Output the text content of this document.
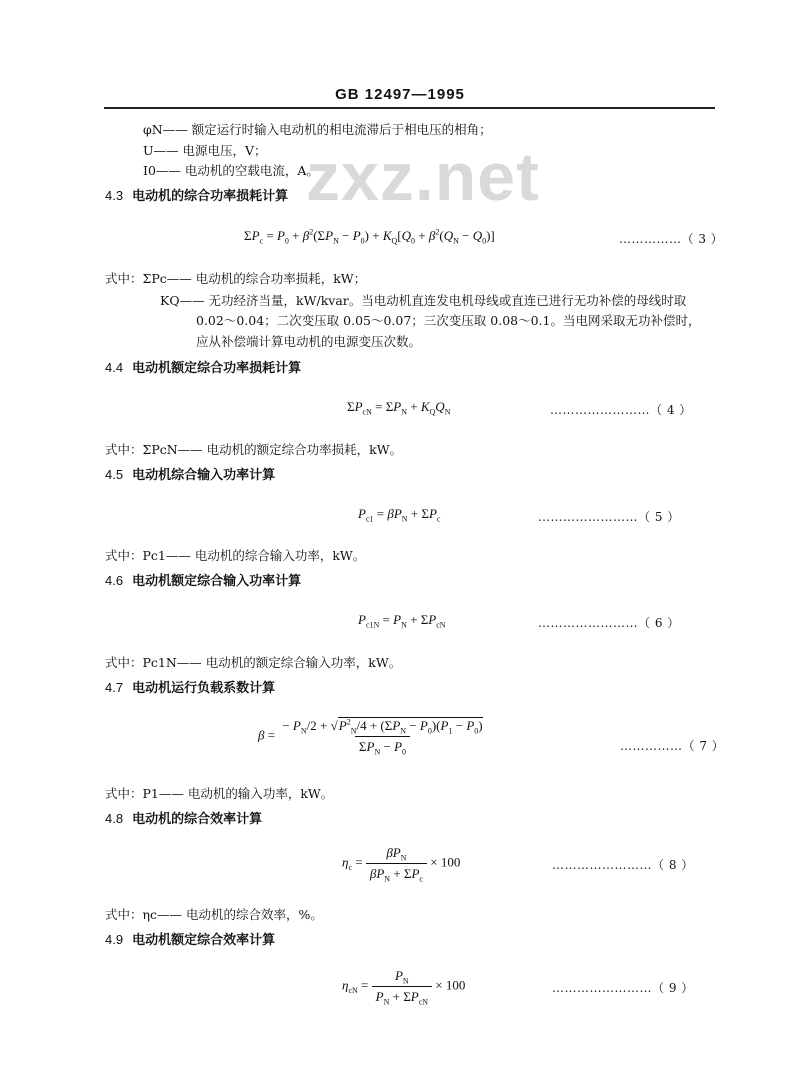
GB 12497—1995
zxz.net
φN—— 额定运行时输入电动机的相电流滞后于相电压的相角；
U—— 电源电压，V；
I0—— 电动机的空载电流，A。
4.3 电动机的综合功率损耗计算
$\Sigma P_c = P_0 + \beta^2(\Sigma P_N - P_0) + K_Q[Q_0 + \beta^2(Q_N - Q_0)]$	……………（ 3 ）
式中：ΣPc—— 电动机的综合功率损耗，kW；
KQ—— 无功经济当量，kW/kvar。当电动机直连发电机母线或直连已进行无功补偿的母线时取
0.02～0.04；二次变压取 0.05～0.07；三次变压取 0.08～0.1。当电网采取无功补偿时，
应从补偿端计算电动机的电源变压次数。
4.4 电动机额定综合功率损耗计算
$\Sigma P_{cN} = \Sigma P_N + K_QQ_N$	……………………（ 4 ）
式中：ΣPcN—— 电动机的额定综合功率损耗，kW。
4.5 电动机综合输入功率计算
$P_{c1} = \beta P_N + \Sigma P_c$	……………………（ 5 ）
式中：Pc1—— 电动机的综合输入功率，kW。
4.6 电动机额定综合输入功率计算
$P_{c1N} = P_N + \Sigma P_{cN}$	……………………（ 6 ）
式中：Pc1N—— 电动机的额定综合输入功率，kW。
4.7 电动机运行负载系数计算
$\beta = \frac{- P_N/2 + √P^2_N/4 + (\Sigma P_N - P_0)(P_1 - P_0)}{\Sigma P_N - P_0}$	……………（ 7 ）
式中：P1—— 电动机的输入功率，kW。
4.8 电动机的综合效率计算
$\eta_c = \frac{\beta P_N}{\beta P_N + \Sigma P_c} \times 100$	……………………（ 8 ）
式中：ηc—— 电动机的综合效率，%。
4.9 电动机额定综合效率计算
$\eta_{cN} = \frac{P_N}{P_N + \Sigma P_{cN}} \times 100$	……………………（ 9 ）
